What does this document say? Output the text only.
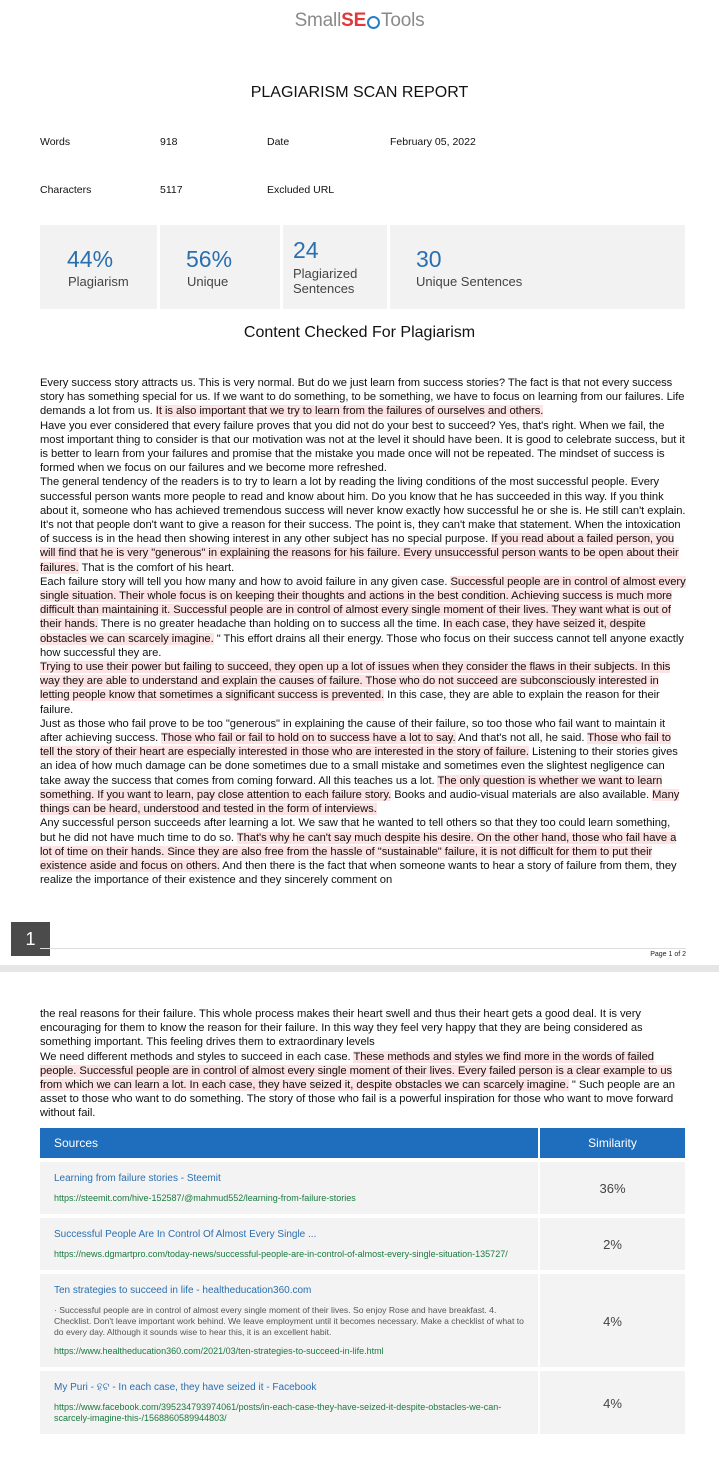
SmallSE Tools
PLAGIARISM SCAN REPORT
Words	918	Date	February 05, 2022
Characters	5117	Excluded URL
44%
Plagiarism
56%
Unique
24
Plagiarized
Sentences
30
Unique Sentences
Content Checked For Plagiarism

Every success story attracts us. This is very normal. But do we just learn from success stories? The fact is that not every success story has something special for us. If we want to do something, to be something, we have to focus on learning from our failures. Life demands a lot from us. It is also important that we try to learn from the failures of ourselves and others.

Have you ever considered that every failure proves that you did not do your best to succeed? Yes, that's right. When we fail, the most important thing to consider is that our motivation was not at the level it should have been. It is good to celebrate success, but it is better to learn from your failures and promise that the mistake you made once will not be repeated. The mindset of success is formed when we focus on our failures and we become more refreshed.

The general tendency of the readers is to try to learn a lot by reading the living conditions of the most successful people. Every successful person wants more people to read and know about him. Do you know that he has succeeded in this way. If you think about it, someone who has achieved tremendous success will never know exactly how successful he or she is. He still can't explain. It's not that people don't want to give a reason for their success. The point is, they can't make that statement. When the intoxication of success is in the head then showing interest in any other subject has no special purpose. If you read about a failed person, you will find that he is very "generous" in explaining the reasons for his failure. Every unsuccessful person wants to be open about their failures. That is the comfort of his heart.

Each failure story will tell you how many and how to avoid failure in any given case. Successful people are in control of almost every single situation. Their whole focus is on keeping their thoughts and actions in the best condition. Achieving success is much more difficult than maintaining it. Successful people are in control of almost every single moment of their lives. They want what is out of their hands. There is no greater headache than holding on to success all the time. In each case, they have seized it, despite obstacles we can scarcely imagine. " This effort drains all their energy. Those who focus on their success cannot tell anyone exactly how successful they are.

Trying to use their power but failing to succeed, they open up a lot of issues when they consider the flaws in their subjects. In this way they are able to understand and explain the causes of failure. Those who do not succeed are subconsciously interested in letting people know that sometimes a significant success is prevented. In this case, they are able to explain the reason for their failure.

Just as those who fail prove to be too "generous" in explaining the cause of their failure, so too those who fail want to maintain it after achieving success. Those who fail or fail to hold on to success have a lot to say. And that's not all, he said. Those who fail to tell the story of their heart are especially interested in those who are interested in the story of failure. Listening to their stories gives an idea of how much damage can be done sometimes due to a small mistake and sometimes even the slightest negligence can take away the success that comes from coming forward. All this teaches us a lot. The only question is whether we want to learn something. If you want to learn, pay close attention to each failure story. Books and audio-visual materials are also available. Many things can be heard, understood and tested in the form of interviews.

Any successful person succeeds after learning a lot. We saw that he wanted to tell others so that they too could learn something, but he did not have much time to do so. That's why he can't say much despite his desire. On the other hand, those who fail have a lot of time on their hands. Since they are also free from the hassle of "sustainable" failure, it is not difficult for them to put their existence aside and focus on others. And then there is the fact that when someone wants to hear a story of failure from them, they realize the importance of their existence and they sincerely comment on

1
Page 1 of 2

the real reasons for their failure. This whole process makes their heart swell and thus their heart gets a good deal. It is very encouraging for them to know the reason for their failure. In this way they feel very happy that they are being considered as something important. This feeling drives them to extraordinary levels

We need different methods and styles to succeed in each case. These methods and styles we find more in the words of failed people. Successful people are in control of almost every single moment of their lives. Every failed person is a clear example to us from which we can learn a lot. In each case, they have seized it, despite obstacles we can scarcely imagine. " Such people are an asset to those who want to do something. The story of those who fail is a powerful inspiration for those who want to move forward without fail.

Sources	Similarity

Learning from failure stories - Steemit
https://steemit.com/hive-152587/@mahmud552/learning-from-failure-stories	36%

Successful People Are In Control Of Almost Every Single ...
https://news.dgmartpro.com/today-news/successful-people-are-in-control-of-almost-every-single-situation-135727/	2%

Ten strategies to succeed in life - healtheducation360.com
· Successful people are in control of almost every single moment of their lives. So enjoy Rose and have breakfast. 4. Checklist. Don't leave important work behind. We leave employment until it becomes necessary. Make a checklist of what to do every day. Although it sounds wise to hear this, it is an excellent habit.
https://www.healtheducation360.com/2021/03/ten-strategies-to-succeed-in-life.html	4%

My Puri - ହଟ - In each case, they have seized it - Facebook
https://www.facebook.com/395234793974061/posts/in-each-case-they-have-seized-it-despite-obstacles-we-can-scarcely-imagine-this-/1568860589944803/	4%
